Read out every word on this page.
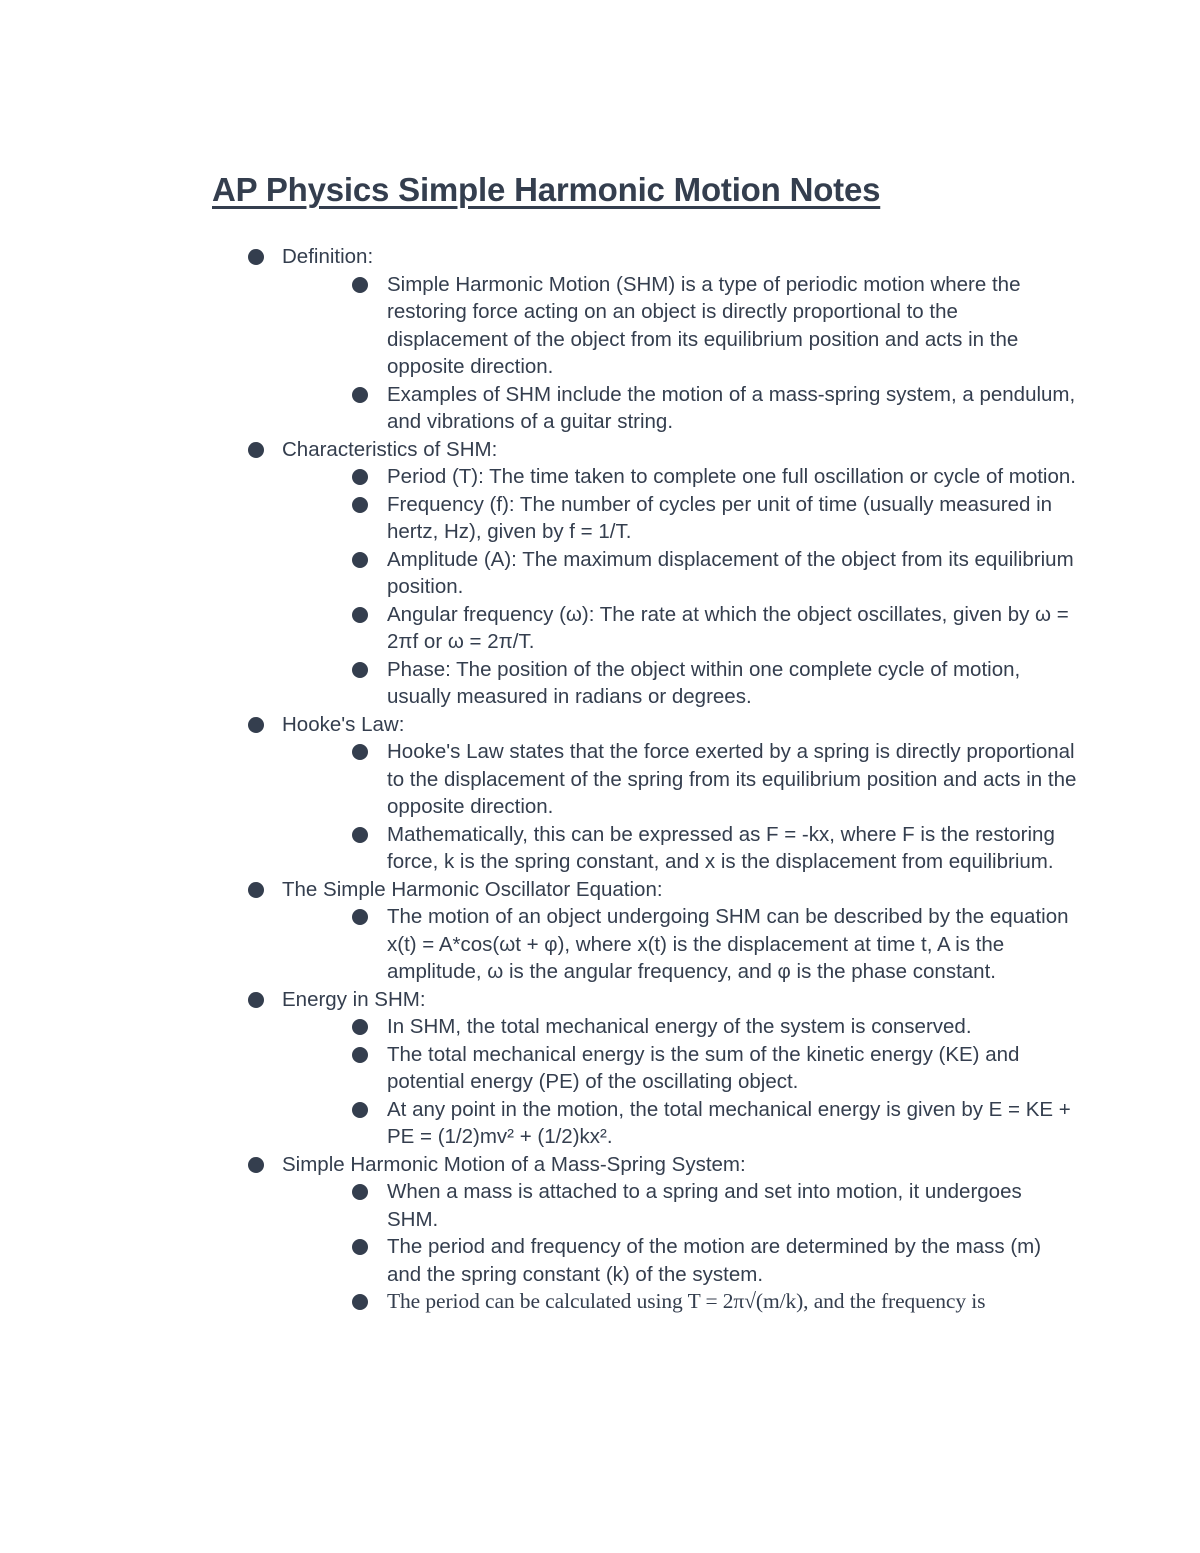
AP Physics Simple Harmonic Motion Notes
Definition:
Simple Harmonic Motion (SHM) is a type of periodic motion where the restoring force acting on an object is directly proportional to the displacement of the object from its equilibrium position and acts in the opposite direction.
Examples of SHM include the motion of a mass-spring system, a pendulum, and vibrations of a guitar string.
Characteristics of SHM:
Period (T): The time taken to complete one full oscillation or cycle of motion.
Frequency (f): The number of cycles per unit of time (usually measured in hertz, Hz), given by f = 1/T.
Amplitude (A): The maximum displacement of the object from its equilibrium position.
Angular frequency (ω): The rate at which the object oscillates, given by ω = 2πf or ω = 2π/T.
Phase: The position of the object within one complete cycle of motion, usually measured in radians or degrees.
Hooke's Law:
Hooke's Law states that the force exerted by a spring is directly proportional to the displacement of the spring from its equilibrium position and acts in the opposite direction.
Mathematically, this can be expressed as F = -kx, where F is the restoring force, k is the spring constant, and x is the displacement from equilibrium.
The Simple Harmonic Oscillator Equation:
The motion of an object undergoing SHM can be described by the equation x(t) = A*cos(ωt + φ), where x(t) is the displacement at time t, A is the amplitude, ω is the angular frequency, and φ is the phase constant.
Energy in SHM:
In SHM, the total mechanical energy of the system is conserved.
The total mechanical energy is the sum of the kinetic energy (KE) and potential energy (PE) of the oscillating object.
At any point in the motion, the total mechanical energy is given by E = KE + PE = (1/2)mv² + (1/2)kx².
Simple Harmonic Motion of a Mass-Spring System:
When a mass is attached to a spring and set into motion, it undergoes SHM.
The period and frequency of the motion are determined by the mass (m) and the spring constant (k) of the system.
The period can be calculated using T = 2π√(m/k), and the frequency is
